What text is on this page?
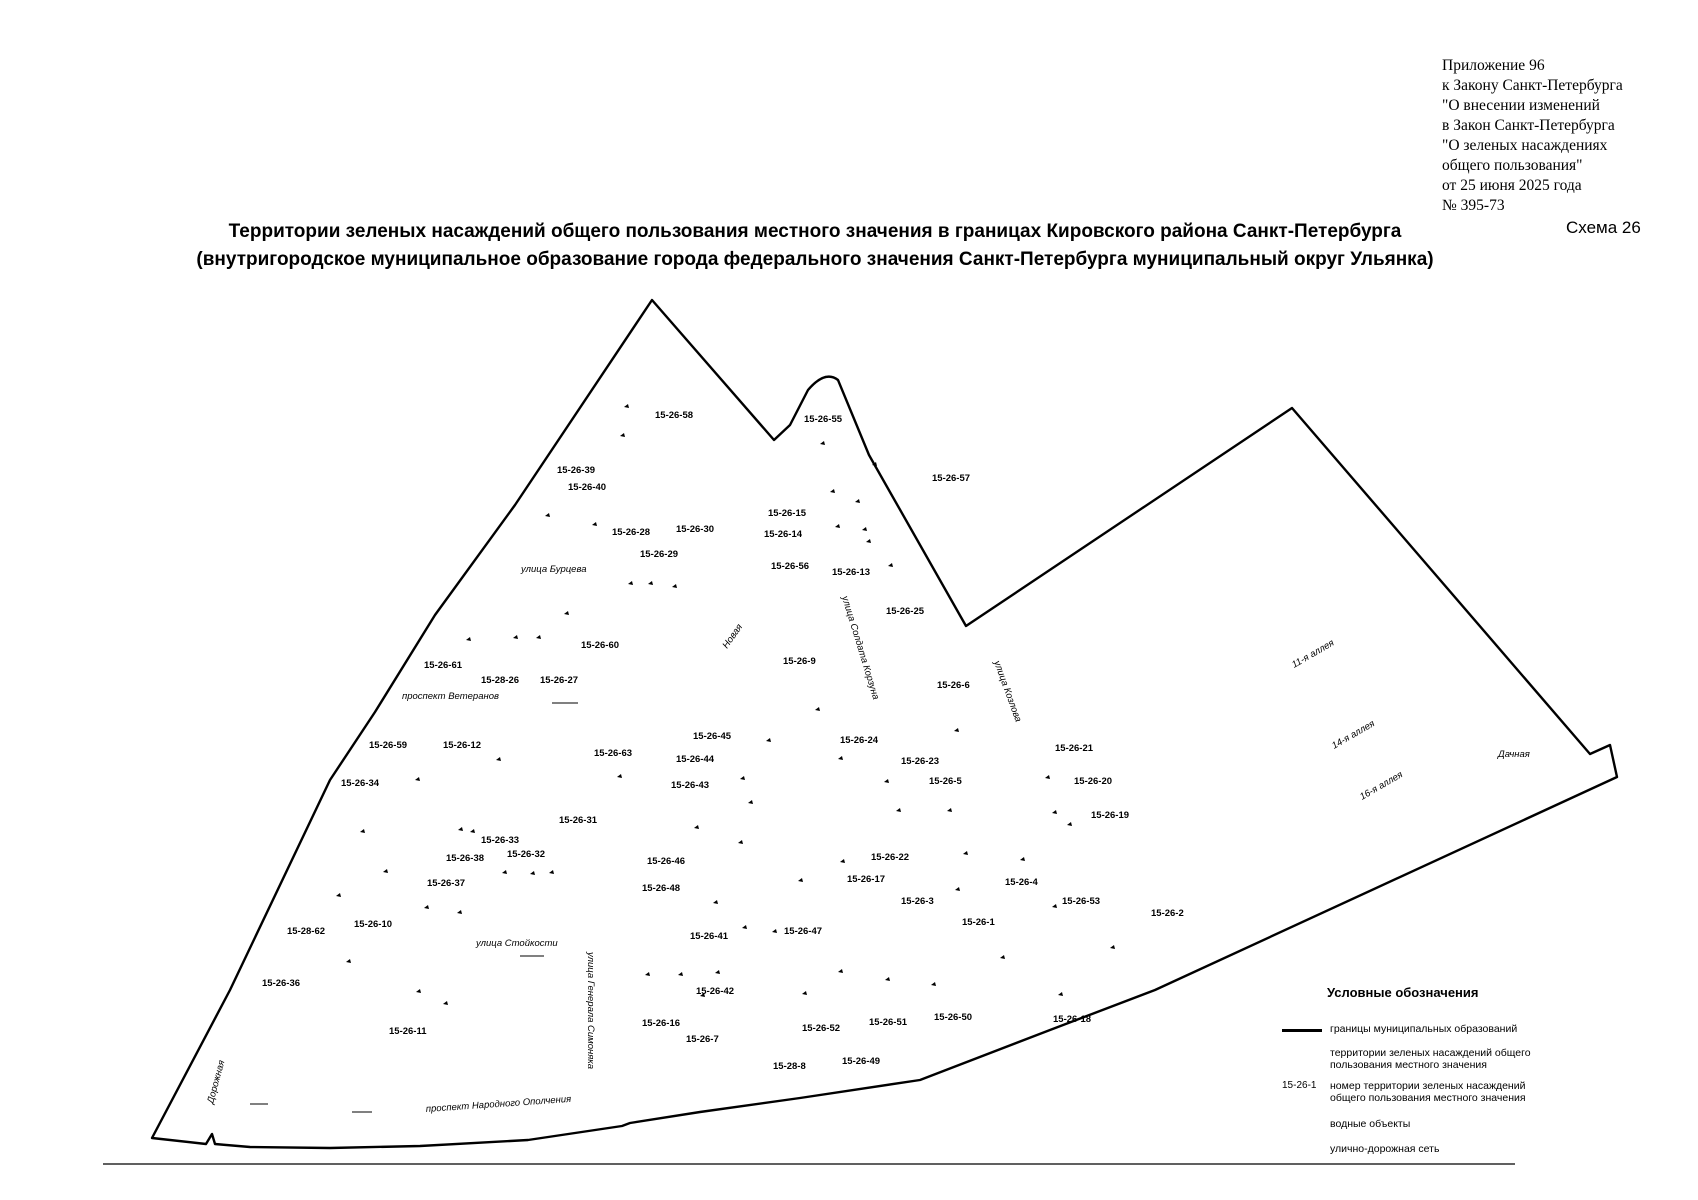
Приложение 96
к Закону Санкт-Петербурга
"О внесении изменений
в Закон Санкт-Петербурга
"О зеленых насаждениях
общего пользования"
от 25 июня 2025 года
№ 395-73
Территории зеленых насаждений общего пользования местного значения в границах Кировского района Санкт-Петербурга
(внутригородское муниципальное образование города федерального значения Санкт-Петербурга муниципальный округ Ульянка)
Схема 26
15-26-58	15-26-55
15-26-57
15-26-39
15-26-40
15-26-28	15-26-30
15-26-15
15-26-14
15-26-29
15-26-56
15-26-13
15-26-25
15-26-60
15-26-9
15-26-61
15-28-26 15-26-27	15-26-6
15-26-59	15-26-12
15-26-63
15-26-45
15-26-44
15-26-24
15-26-23
15-26-21
15-26-34	15-26-43	15-26-5	15-26-20
15-26-31	15-26-19
15-26-33
15-26-38 15-26-32	15-26-22
15-26-46
15-26-37	15-26-17	15-26-4
15-26-48
15-26-3	15-26-53
15-26-2
15-26-1
15-28-62
15-26-10
15-26-41	15-26-47
15-26-36
15-26-42
15-26-11
15-26-16	15-26-52
15-26-51	15-26-50	15-26-18
15-26-7
15-26-49
15-28-8
улица Бурцева
Новая	улица Солдата Корзуна	улица Козлова
проспект Ветеранов
11-я аллея
14-я аллея
16-я аллея
Дачная
улица Стойкости
улица Генерала Симоняка
проспект Народного Ополчения
Дорожная
Условные обозначения
границы муниципальных образований
территории зеленых насаждений общего пользования местного значения
15-26-1	номер территории зеленых насаждений общего пользования местного значения
водные объекты
улично-дорожная сеть
